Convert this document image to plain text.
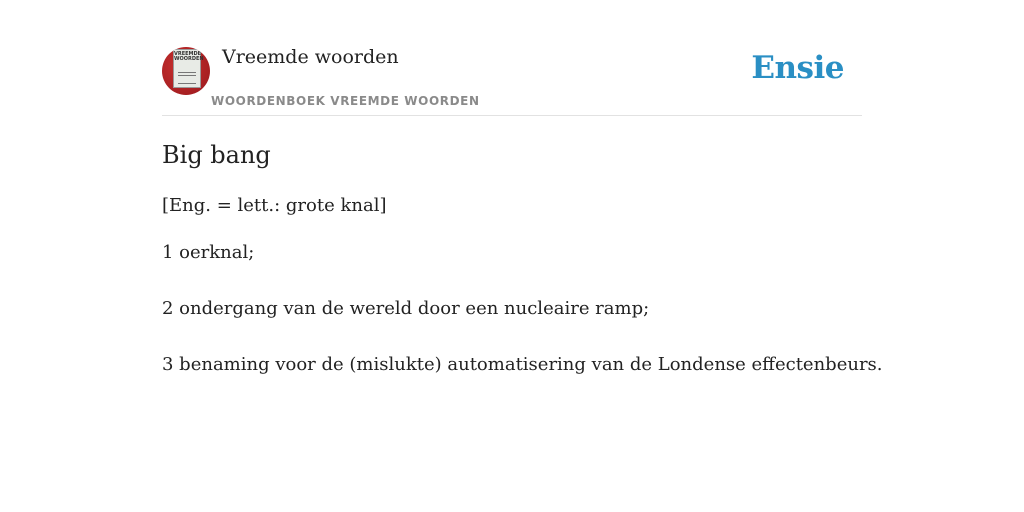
VREEMDE WOORDEN Vreemde woorden
WOORDENBOEK VREEMDE WOORDEN
Ensie
Big bang
[Eng. = lett.: grote knal]
1 oerknal;
2 ondergang van de wereld door een nucleaire ramp;
3 benaming voor de (mislukte) automatisering van de Londense effectenbeurs.
